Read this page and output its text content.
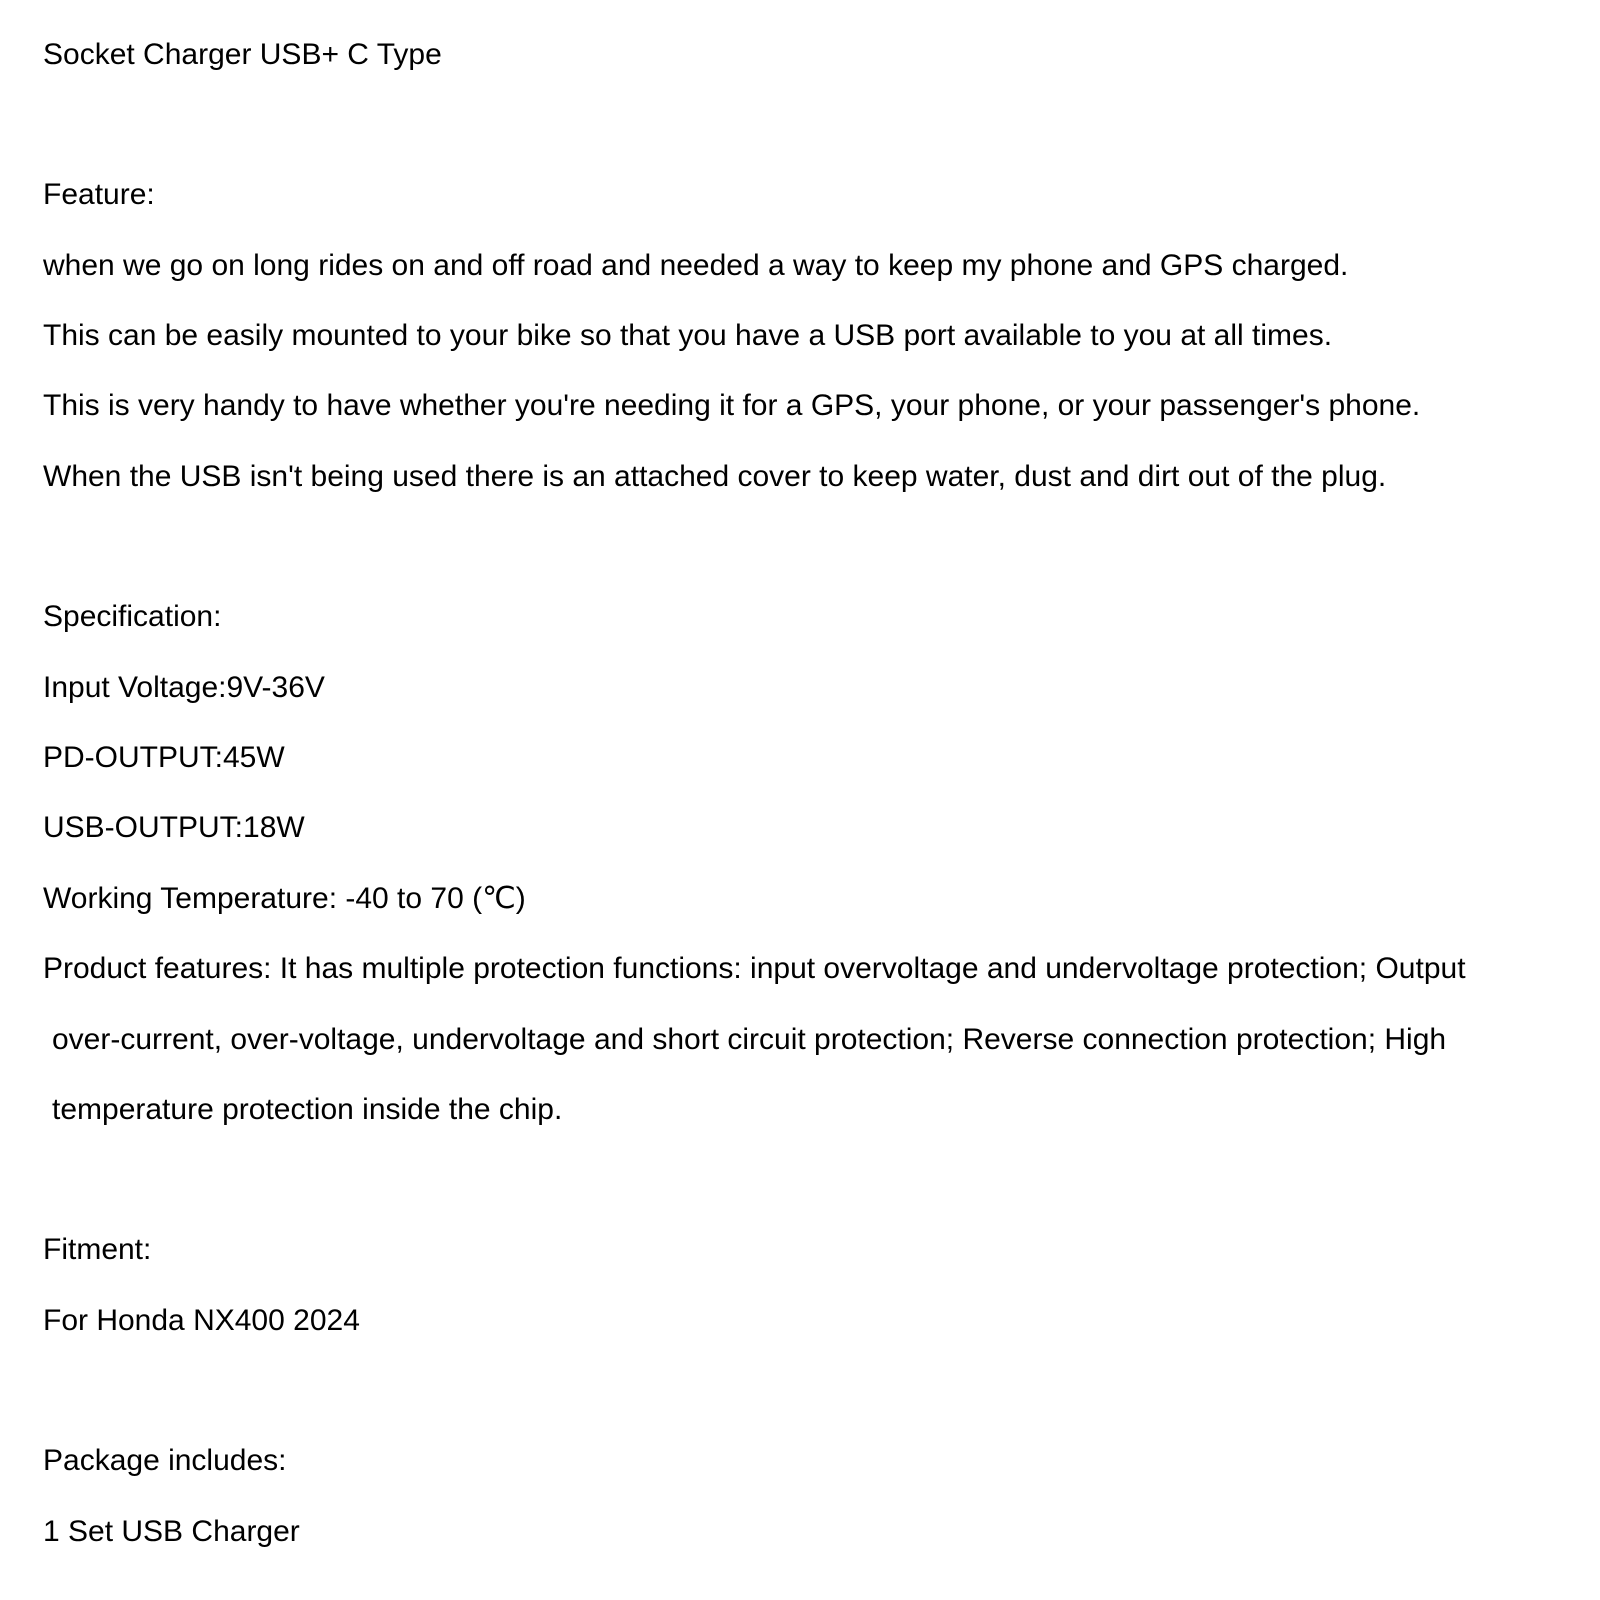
Socket Charger USB+ C Type
Feature:
when we go on long rides on and off road and needed a way to keep my phone and GPS charged.
This can be easily mounted to your bike so that you have a USB port available to you at all times.
This is very handy to have whether you're needing it for a GPS, your phone, or your passenger's phone.
When the USB isn't being used there is an attached cover to keep water, dust and dirt out of the plug.
Specification:
Input Voltage:9V-36V
PD-OUTPUT:45W
USB-OUTPUT:18W
Working Temperature: -40 to 70 (℃)
Product features: It has multiple protection functions: input overvoltage and undervoltage protection; Output
over-current, over-voltage, undervoltage and short circuit protection; Reverse connection protection; High
temperature protection inside the chip.
Fitment:
For Honda NX400 2024
Package includes:
1 Set USB Charger
